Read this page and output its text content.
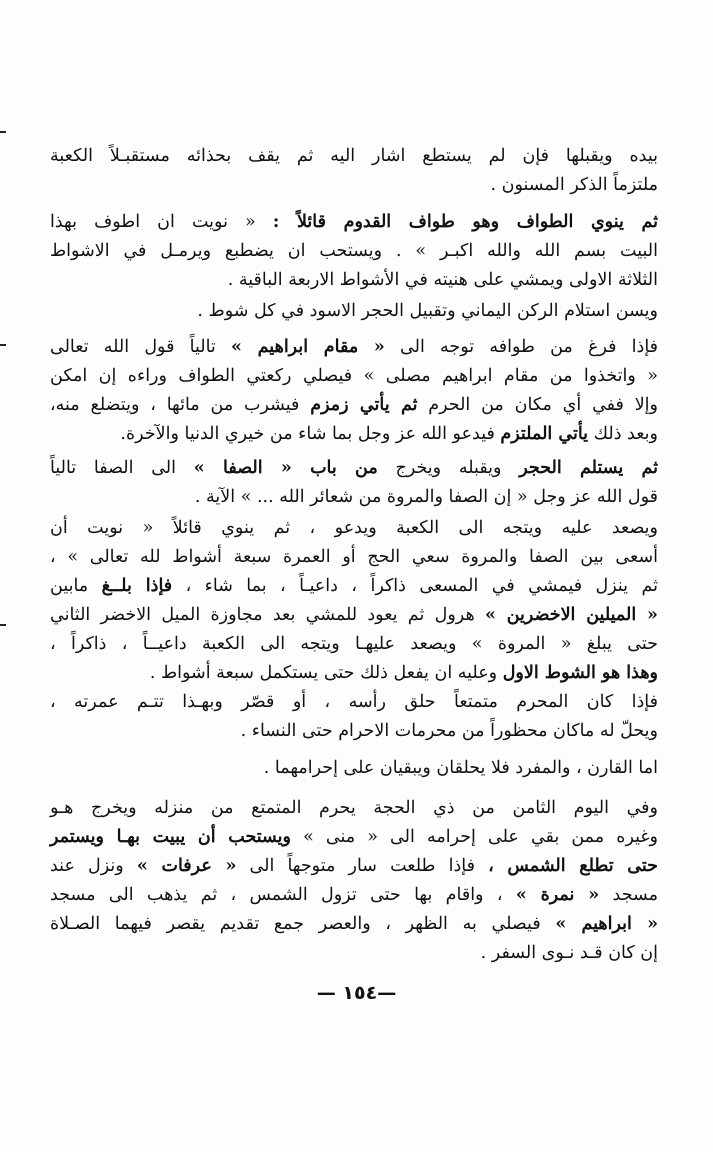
بيده ويقبلها فإن لم يستطع اشار اليه ثم يقف بحذائه مستقبـلاً الكعبة
ملتزماً الذكر المسنون .
ثم ينوي الطواف وهو طواف القدوم قائلاً : « نويت ان اطوف بهذا
البيت بسم الله والله اكبـر » . ويستحب ان يضطبع ويرمـل في الاشواط
الثلاثة الاولى ويمشي على هنيته في الأشواط الاربعة الباقية .
ويسن استلام الركن اليماني وتقبيل الحجر الاسود في كل شوط .
فإذا فرغ من طوافه توجه الى « مقام ابراهيم » تالياً قول الله تعالى
« واتخذوا من مقام ابراهيم مصلى » فيصلي ركعتي الطواف وراءه إن امكن
وإلا ففي أي مكان من الحرم ثم يأتي زمزم فيشرب من مائها ، ويتضلع منه،
وبعد ذلك يأتي الملتزم فيدعو الله عز وجل بما شاء من خيري الدنيا والآخرة.
ثم يستلم الحجر ويقبله ويخرج من باب « الصفا » الى الصفا تالياً
قول الله عز وجل « إن الصفا والمروة من شعائر الله ... » الآية .
ويصعد عليه ويتجه الى الكعبة ويدعو ، ثم ينوي قائلاً « نويت أن
أسعى بين الصفا والمروة سعي الحج أو العمرة سبعة أشواط لله تعالى » ،
ثم ينزل فيمشي في المسعى ذاكراً ، داعيـاً ، بما شاء ، فإذا بلــغ مابين
« الميلين الاخضرين » هرول ثم يعود للمشي بعد مجاوزة الميل الاخضر الثاني
حتى يبلغ « المروة » ويصعد عليهـا ويتجه الى الكعبة داعيــاً ، ذاكراً ،
وهذا هو الشوط الاول وعليه ان يفعل ذلك حتى يستكمل سبعة أشواط .
فإذا كان المحرم متمتعاً حلق رأسه ، أو قصّر وبهـذا تتـم عمرته ،
ويحلّ له ماكان محظوراً من محرمات الاحرام حتى النساء .
اما القارن ، والمفرد فلا يحلقان ويبقيان على إحرامهما .
وفي اليوم الثامن من ذي الحجة يحرم المتمتع من منزله ويخرج هـو
وغيره ممن بقي على إحرامه الى « منى » ويستحب أن يبيت بهـا ويستمر
حتى تطلع الشمس ، فإذا طلعت سار متوجهاً الى « عرفات » ونزل عند
مسجد « نمرة » ، واقام بها حتى تزول الشمس ، ثم يذهب الى مسجد
« ابراهيم » فيصلي به الظهر ، والعصر جمع تقديم يقصر فيهما الصـلاة
إن كان قـد نـوى السفر .
—١٥٤ —
